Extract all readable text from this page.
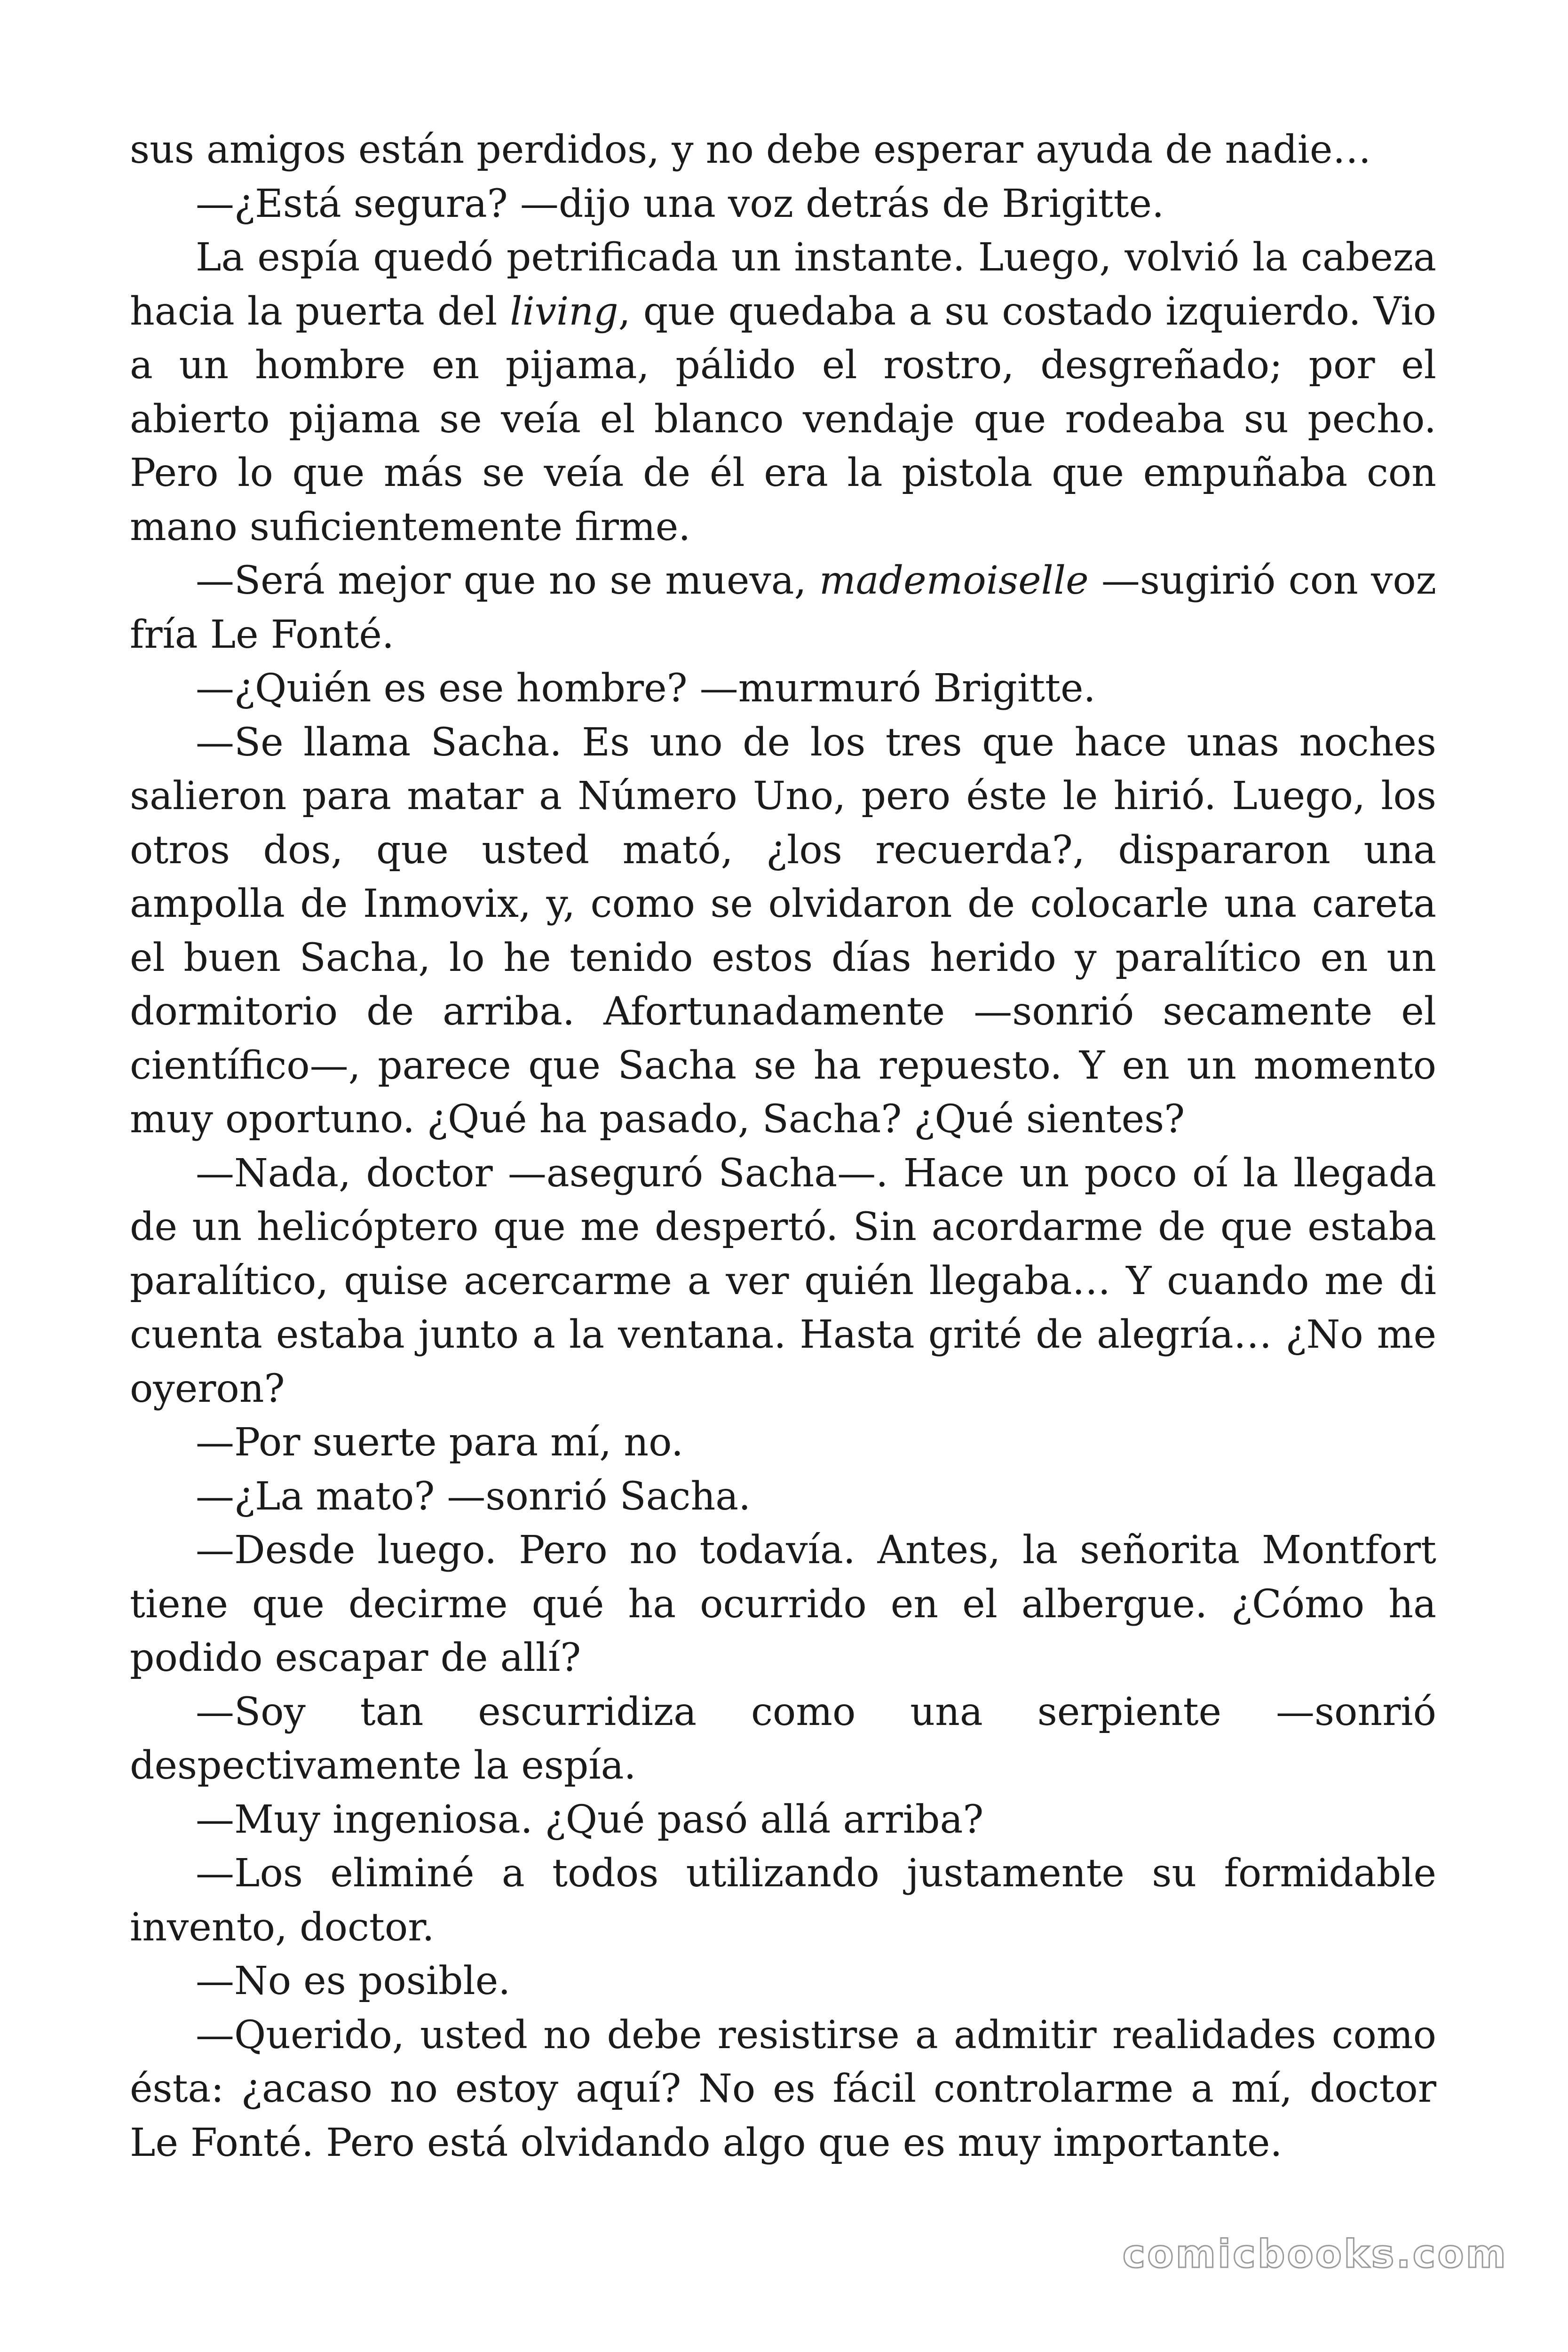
sus amigos están perdidos, y no debe esperar ayuda de nadie…

—¿Está segura? —dijo una voz detrás de Brigitte.

La espía quedó petrificada un instante. Luego, volvió la cabeza hacia la puerta del living, que quedaba a su costado izquierdo. Vio a un hombre en pijama, pálido el rostro, desgreñado; por el abierto pijama se veía el blanco vendaje que rodeaba su pecho. Pero lo que más se veía de él era la pistola que empuñaba con mano suficientemente firme.

—Será mejor que no se mueva, mademoiselle —sugirió con voz fría Le Fonté.

—¿Quién es ese hombre? —murmuró Brigitte.

—Se llama Sacha. Es uno de los tres que hace unas noches salieron para matar a Número Uno, pero éste le hirió. Luego, los otros dos, que usted mató, ¿los recuerda?, dispararon una ampolla de Inmovix, y, como se olvidaron de colocarle una careta el buen Sacha, lo he tenido estos días herido y paralítico en un dormitorio de arriba. Afortunadamente —sonrió secamente el científico—, parece que Sacha se ha repuesto. Y en un momento muy oportuno. ¿Qué ha pasado, Sacha? ¿Qué sientes?

—Nada, doctor —aseguró Sacha—. Hace un poco oí la llegada de un helicóptero que me despertó. Sin acordarme de que estaba paralítico, quise acercarme a ver quién llegaba… Y cuando me di cuenta estaba junto a la ventana. Hasta grité de alegría… ¿No me oyeron?

—Por suerte para mí, no.

—¿La mato? —sonrió Sacha.

—Desde luego. Pero no todavía. Antes, la señorita Montfort tiene que decirme qué ha ocurrido en el albergue. ¿Cómo ha podido escapar de allí?

—Soy tan escurridiza como una serpiente —sonrió despectivamente la espía.

—Muy ingeniosa. ¿Qué pasó allá arriba?

—Los eliminé a todos utilizando justamente su formidable invento, doctor.

—No es posible.

—Querido, usted no debe resistirse a admitir realidades como ésta: ¿acaso no estoy aquí? No es fácil controlarme a mí, doctor Le Fonté. Pero está olvidando algo que es muy importante.

comicbooks.com
